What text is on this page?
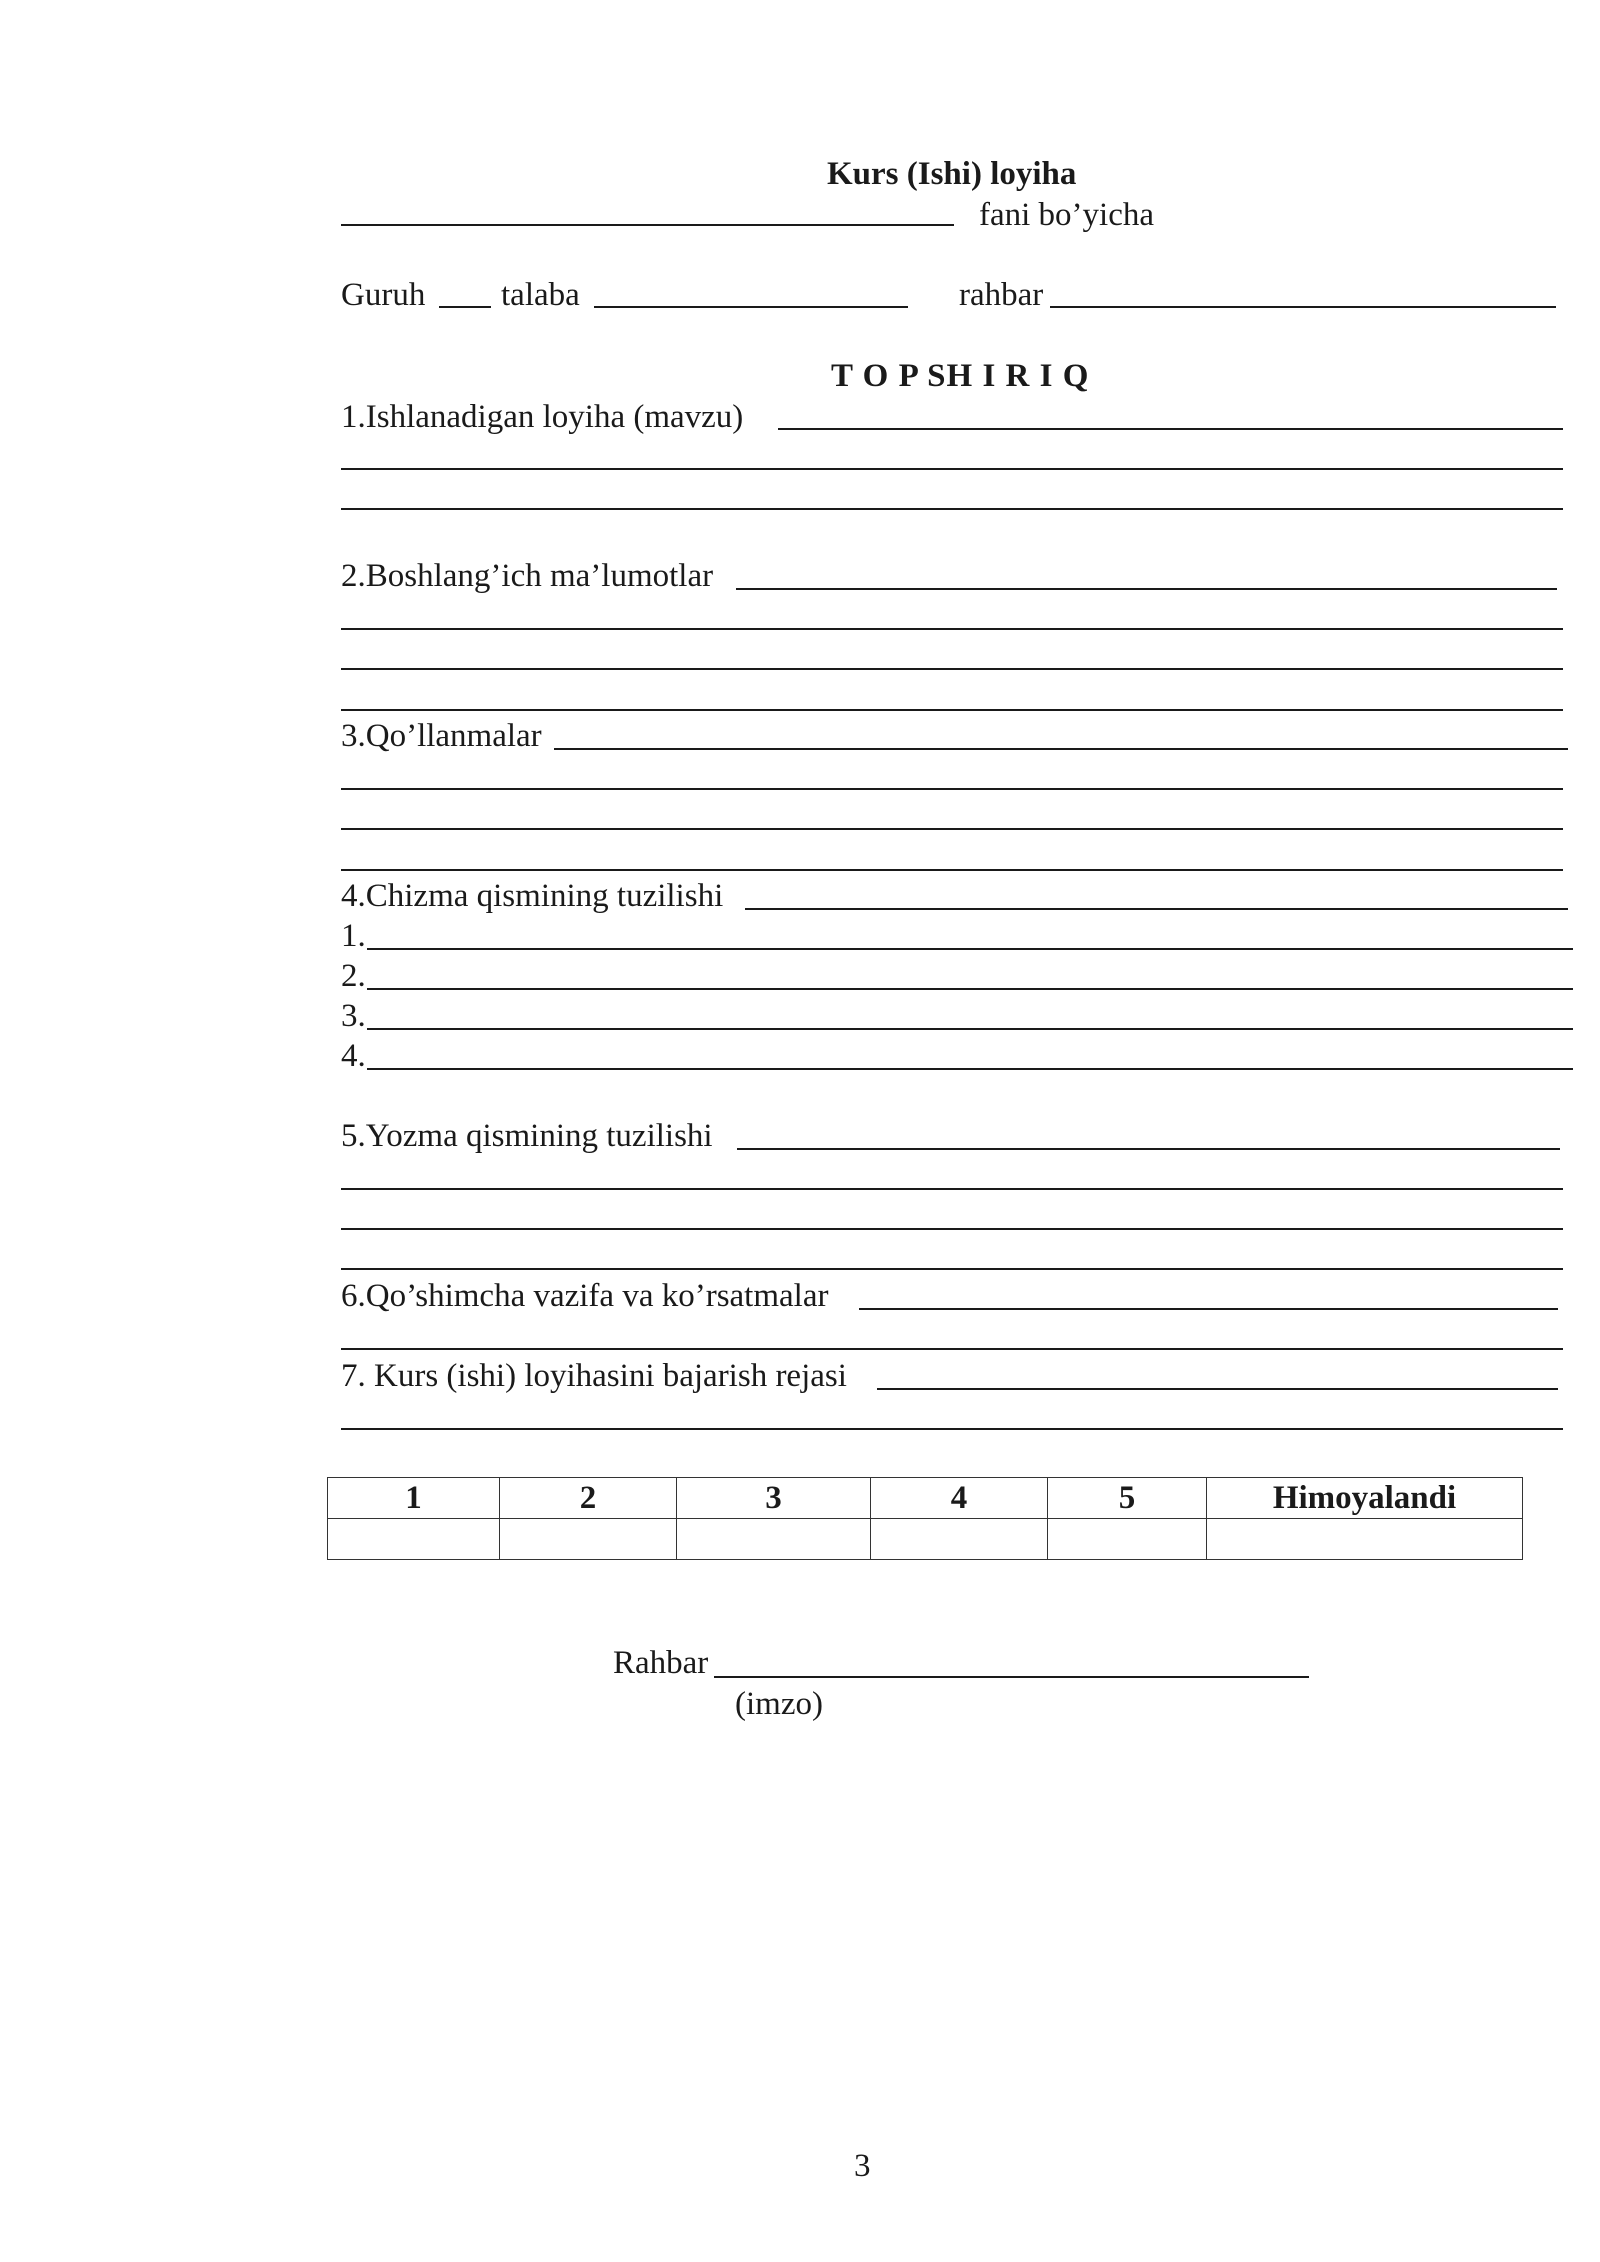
Kurs (Ishi) loyiha
fani bo’yicha
Guruh talaba	rahbar
T O P SH I R I Q
1.Ishlanadigan loyiha (mavzu)
2.Boshlang’ich ma’lumotlar
3.Qo’llanmalar
4.Chizma qismining tuzilishi
1.
2.
3.
4.
5.Yozma qismining tuzilishi
6.Qo’shimcha vazifa va ko’rsatmalar
7. Kurs (ishi) loyihasini bajarish rejasi
1	2	3	4	5	Himoyalandi

Rahbar
(imzo)
3
